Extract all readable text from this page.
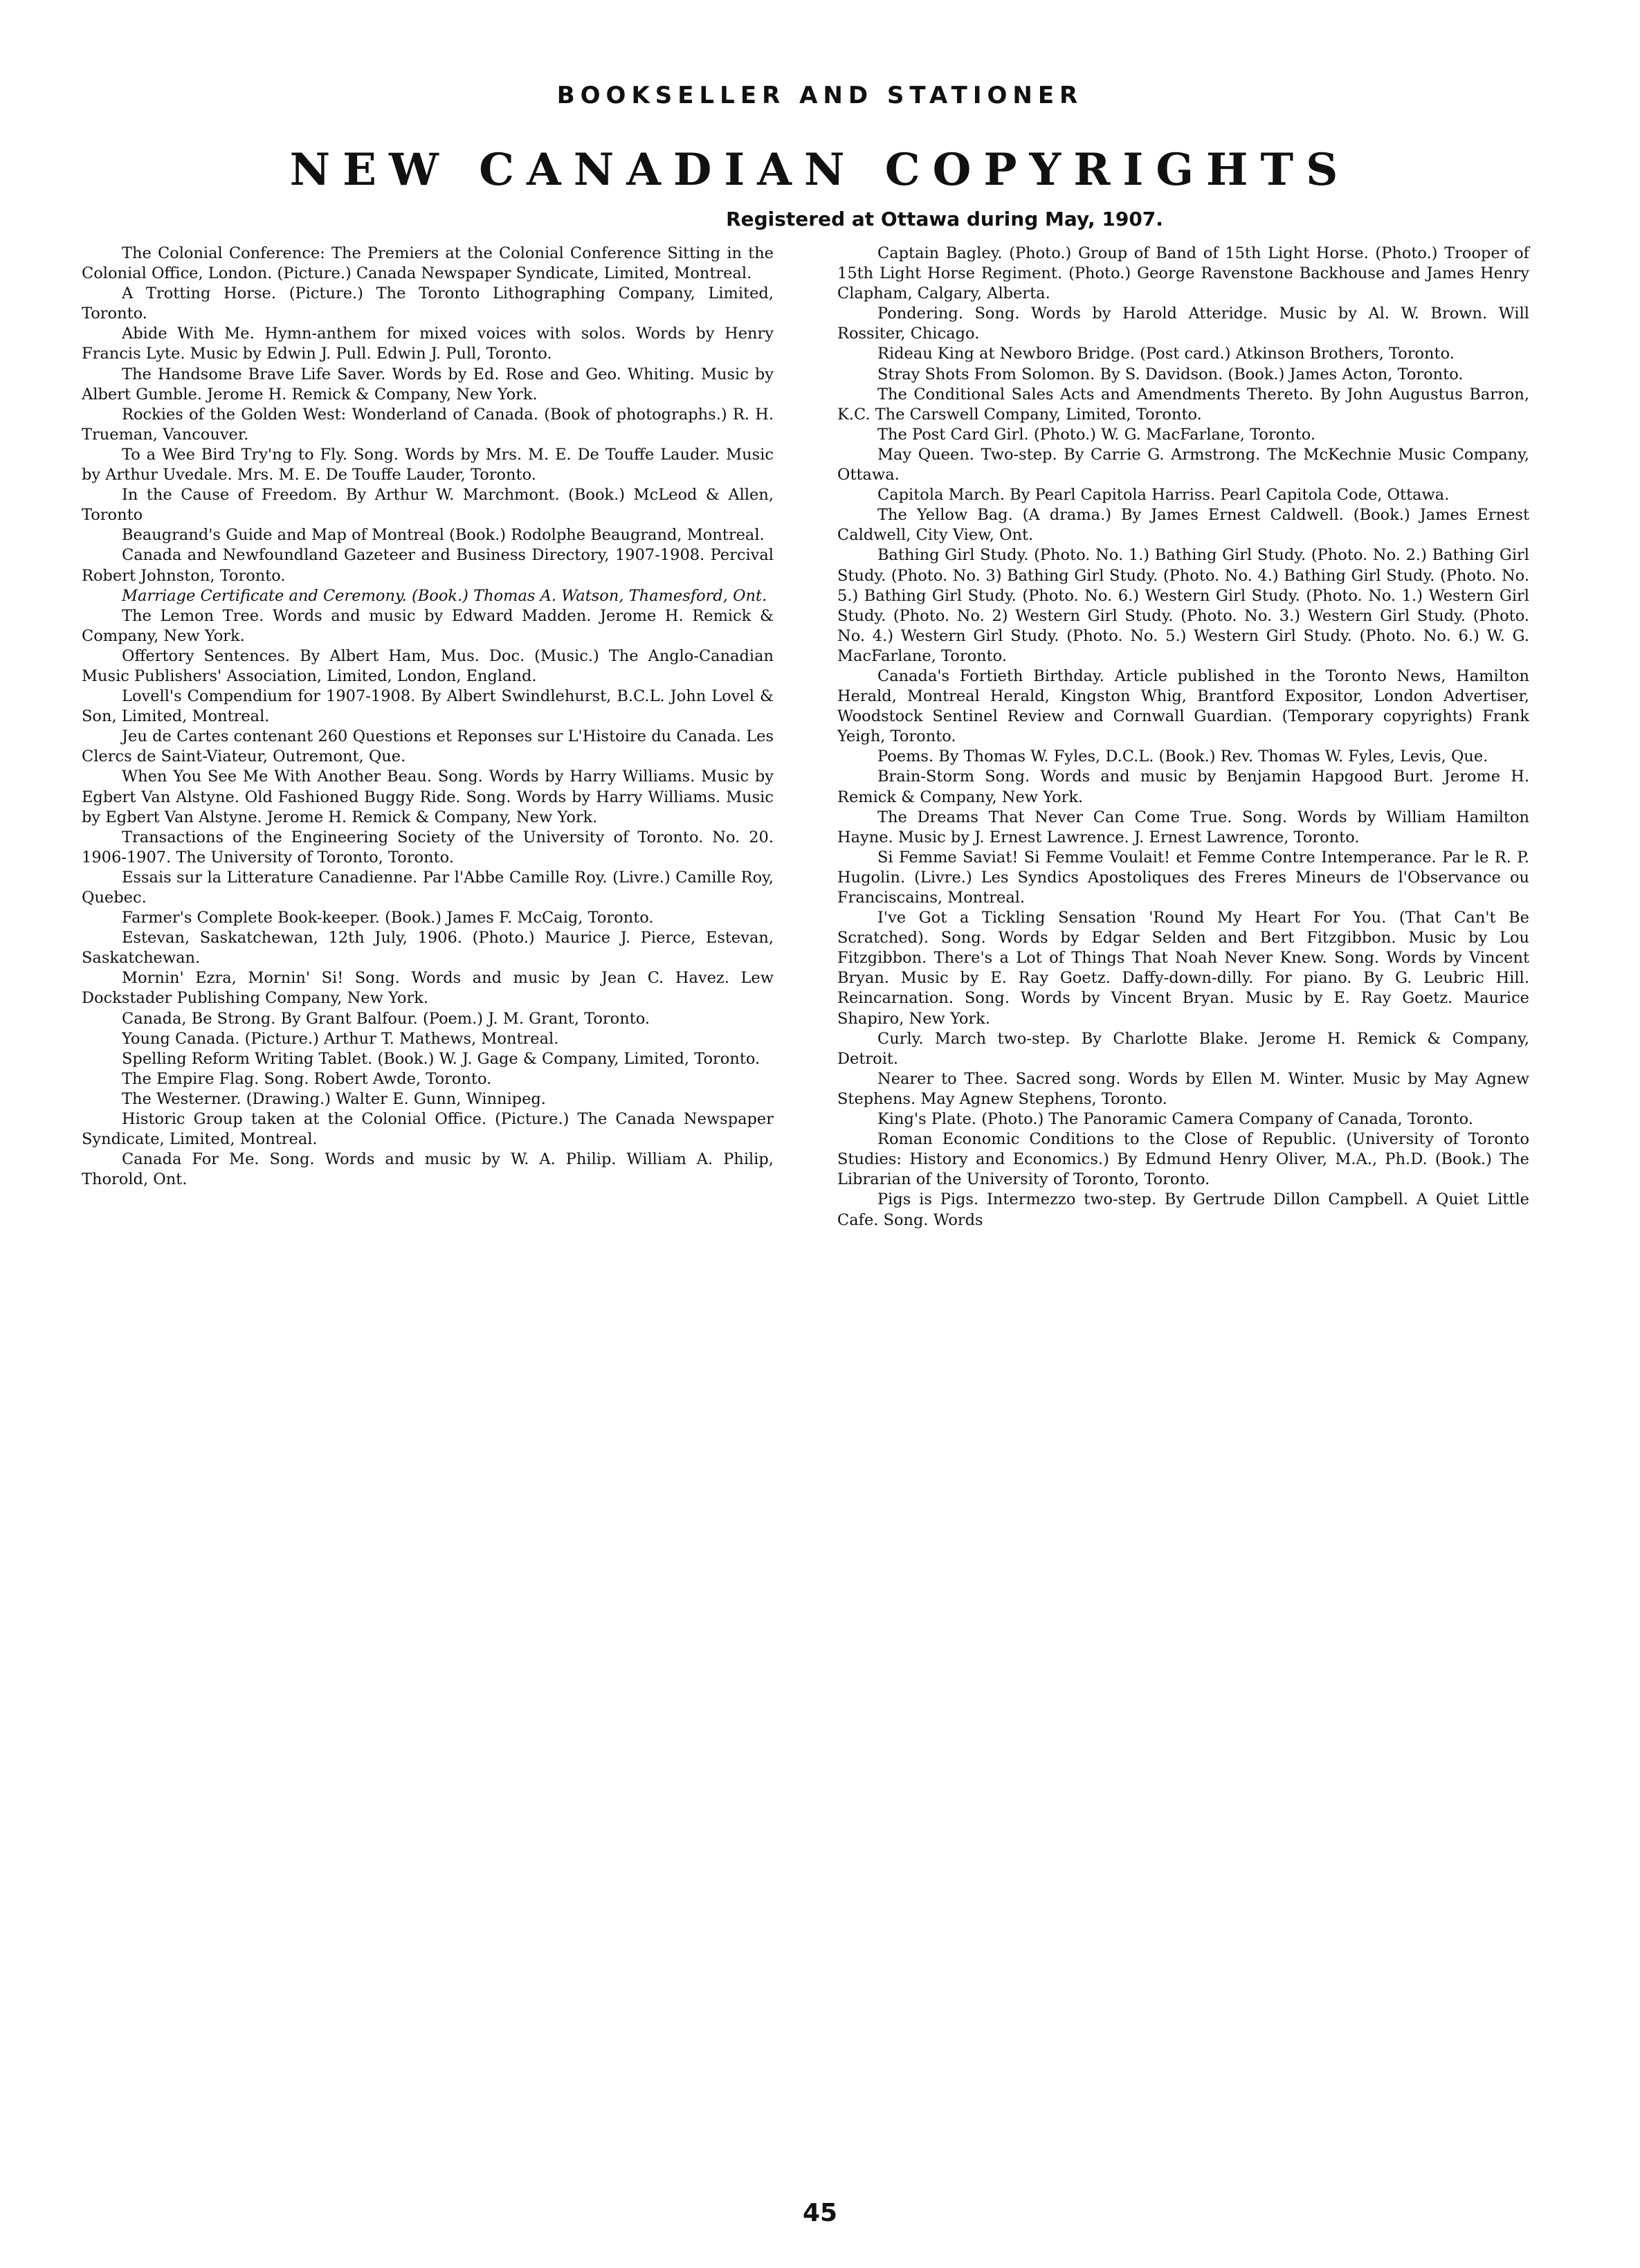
BOOKSELLER AND STATIONER
NEW CANADIAN COPYRIGHTS
Registered at Ottawa during May, 1907.

The Colonial Conference: The Premiers at the Colonial Conference Sitting in the Colonial Office, London. (Picture.) Canada Newspaper Syndicate, Limited, Montreal.

A Trotting Horse. (Picture.) The Toronto Lithographing Company, Limited, Toronto.

Abide With Me. Hymn-anthem for mixed voices with solos. Words by Henry Francis Lyte. Music by Edwin J. Pull. Edwin J. Pull, Toronto.

The Handsome Brave Life Saver. Words by Ed. Rose and Geo. Whiting. Music by Albert Gumble. Jerome H. Remick & Company, New York.

Rockies of the Golden West: Wonderland of Canada. (Book of photographs.) R. H. Trueman, Vancouver.

To a Wee Bird Try'ng to Fly. Song. Words by Mrs. M. E. De Touffe Lauder. Music by Arthur Uvedale. Mrs. M. E. De Touffe Lauder, Toronto.

In the Cause of Freedom. By Arthur W. Marchmont. (Book.) McLeod & Allen, Toronto

Beaugrand's Guide and Map of Montreal (Book.) Rodolphe Beaugrand, Montreal.

Canada and Newfoundland Gazeteer and Business Directory, 1907-1908. Percival Robert Johnston, Toronto.

Marriage Certificate and Ceremony. (Book.) Thomas A. Watson, Thamesford, Ont.

The Lemon Tree. Words and music by Edward Madden. Jerome H. Remick & Company, New York.

Offertory Sentences. By Albert Ham, Mus. Doc. (Music.) The Anglo-Canadian Music Publishers' Association, Limited, London, England.

Lovell's Compendium for 1907-1908. By Albert Swindlehurst, B.C.L. John Lovel & Son, Limited, Montreal.

Jeu de Cartes contenant 260 Questions et Reponses sur L'Histoire du Canada. Les Clercs de Saint-Viateur, Outremont, Que.

When You See Me With Another Beau. Song. Words by Harry Williams. Music by Egbert Van Alstyne. Old Fashioned Buggy Ride. Song. Words by Harry Williams. Music by Egbert Van Alstyne. Jerome H. Remick & Company, New York.

Transactions of the Engineering Society of the University of Toronto. No. 20. 1906-1907. The University of Toronto, Toronto.

Essais sur la Litterature Canadienne. Par l'Abbe Camille Roy. (Livre.) Camille Roy, Quebec.

Farmer's Complete Book-keeper. (Book.) James F. McCaig, Toronto.

Estevan, Saskatchewan, 12th July, 1906. (Photo.) Maurice J. Pierce, Estevan, Saskatchewan.

Mornin' Ezra, Mornin' Si! Song. Words and music by Jean C. Havez. Lew Dockstader Publishing Company, New York.

Canada, Be Strong. By Grant Balfour. (Poem.) J. M. Grant, Toronto.

Young Canada. (Picture.) Arthur T. Mathews, Montreal.

Spelling Reform Writing Tablet. (Book.) W. J. Gage & Company, Limited, Toronto.

The Empire Flag. Song. Robert Awde, Toronto.

The Westerner. (Drawing.) Walter E. Gunn, Winnipeg.

Historic Group taken at the Colonial Office. (Picture.) The Canada Newspaper Syndicate, Limited, Montreal.

Canada For Me. Song. Words and music by W. A. Philip. William A. Philip, Thorold, Ont.

Captain Bagley. (Photo.) Group of Band of 15th Light Horse. (Photo.) Trooper of 15th Light Horse Regiment. (Photo.) George Ravenstone Backhouse and James Henry Clapham, Calgary, Alberta.

Pondering. Song. Words by Harold Atteridge. Music by Al. W. Brown. Will Rossiter, Chicago.

Rideau King at Newboro Bridge. (Post card.) Atkinson Brothers, Toronto.

Stray Shots From Solomon. By S. Davidson. (Book.) James Acton, Toronto.

The Conditional Sales Acts and Amendments Thereto. By John Augustus Barron, K.C. The Carswell Company, Limited, Toronto.

The Post Card Girl. (Photo.) W. G. MacFarlane, Toronto.

May Queen. Two-step. By Carrie G. Armstrong. The McKechnie Music Company, Ottawa.

Capitola March. By Pearl Capitola Harriss. Pearl Capitola Code, Ottawa.

The Yellow Bag. (A drama.) By James Ernest Caldwell. (Book.) James Ernest Caldwell, City View, Ont.

Bathing Girl Study. (Photo. No. 1.) Bathing Girl Study. (Photo. No. 2.) Bathing Girl Study. (Photo. No. 3) Bathing Girl Study. (Photo. No. 4.) Bathing Girl Study. (Photo. No. 5.) Bathing Girl Study. (Photo. No. 6.) Western Girl Study. (Photo. No. 1.) Western Girl Study. (Photo. No. 2) Western Girl Study. (Photo. No. 3.) Western Girl Study. (Photo. No. 4.) Western Girl Study. (Photo. No. 5.) Western Girl Study. (Photo. No. 6.) W. G. MacFarlane, Toronto.

Canada's Fortieth Birthday. Article published in the Toronto News, Hamilton Herald, Montreal Herald, Kingston Whig, Brantford Expositor, London Advertiser, Woodstock Sentinel Review and Cornwall Guardian. (Temporary copyrights) Frank Yeigh, Toronto.

Poems. By Thomas W. Fyles, D.C.L. (Book.) Rev. Thomas W. Fyles, Levis, Que.

Brain-Storm Song. Words and music by Benjamin Hapgood Burt. Jerome H. Remick & Company, New York.

The Dreams That Never Can Come True. Song. Words by William Hamilton Hayne. Music by J. Ernest Lawrence. J. Ernest Lawrence, Toronto.

Si Femme Saviat! Si Femme Voulait! et Femme Contre Intemperance. Par le R. P. Hugolin. (Livre.) Les Syndics Apostoliques des Freres Mineurs de l'Observance ou Franciscains, Montreal.

I've Got a Tickling Sensation 'Round My Heart For You. (That Can't Be Scratched). Song. Words by Edgar Selden and Bert Fitzgibbon. Music by Lou Fitzgibbon. There's a Lot of Things That Noah Never Knew. Song. Words by Vincent Bryan. Music by E. Ray Goetz. Daffy-down-dilly. For piano. By G. Leubric Hill. Reincarnation. Song. Words by Vincent Bryan. Music by E. Ray Goetz. Maurice Shapiro, New York.

Curly. March two-step. By Charlotte Blake. Jerome H. Remick & Company, Detroit.

Nearer to Thee. Sacred song. Words by Ellen M. Winter. Music by May Agnew Stephens. May Agnew Stephens, Toronto.

King's Plate. (Photo.) The Panoramic Camera Company of Canada, Toronto.

Roman Economic Conditions to the Close of Republic. (University of Toronto Studies: History and Economics.) By Edmund Henry Oliver, M.A., Ph.D. (Book.) The Librarian of the University of Toronto, Toronto.

Pigs is Pigs. Intermezzo two-step. By Gertrude Dillon Campbell. A Quiet Little Cafe. Song. Words

45
